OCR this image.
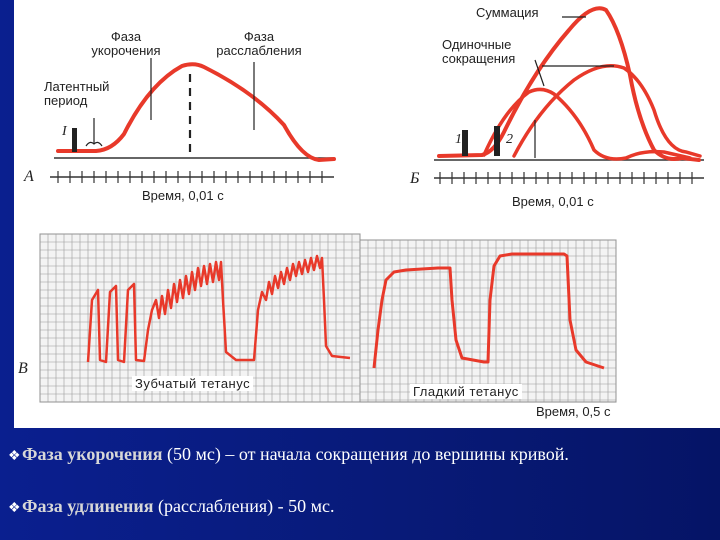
Фаза
укорочения
Фаза
расслабления
Латентный
период
I
А
Время, 0,01 с
Суммация
Одиночные
сокращения
1	2
Б
Время, 0,01 с
В
Зубчатый тетанус
Гладкий тетанус
Время, 0,5 с
❖Фаза укорочения (50 мс) – от начала сокращения до вершины кривой.
❖Фаза удлинения (расслабления) - 50 мс.
